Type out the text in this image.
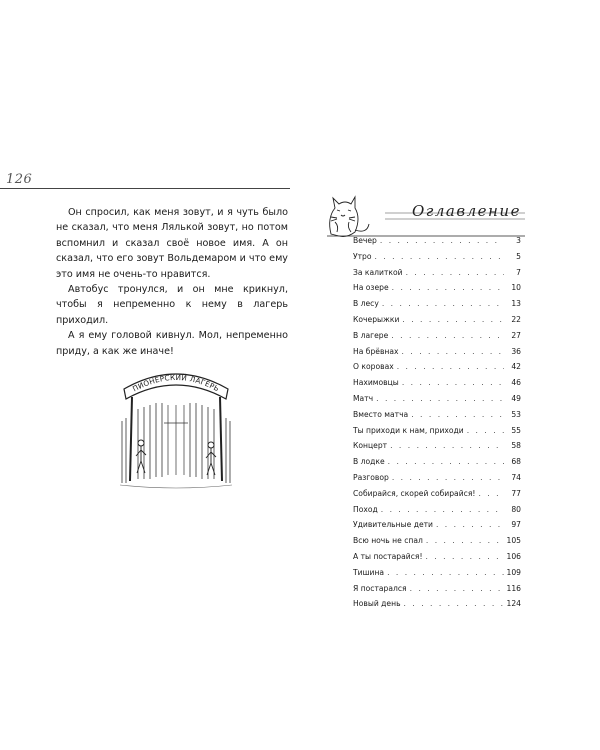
126

Он спросил, как меня зовут, и я чуть было не сказал, что меня Лялькой зовут, но потом вспомнил и сказал своё новое имя. А он сказал, что его зовут Вольдемаром и что ему это имя не очень-то нравится.

Автобус тронулся, и он мне крикнул, чтобы я непременно к нему в лагерь приходил.

А я ему головой кивнул. Мол, непременно приду, а как же иначе!

ПИОНЕРСКИЙ ЛАГЕРЬ
Оглавление
Вечер . . .	3
Утро . . .	5
За калиткой . . .	7
На озере . . .	10
В лесу . . .	13
Кочерыжки . . .	22
В лагере . . .	27
На брёвнах . . .	36
О коровах . . .	42
Нахимовцы . . .	46
Матч . . .	49
Вместо матча . . .	53
Ты приходи к нам, приходи . . .	55
Концерт . . .	58
В лодке . . .	68
Разговор . . .	74
Собирайся, скорей собирайся! . . .	77
Поход . . .	80
Удивительные дети . . .	97
Всю ночь не спал . . .	105
А ты постарайся! . . .	106
Тишина . . .	109
Я постарался . . .	116
Новый день . . .	124
